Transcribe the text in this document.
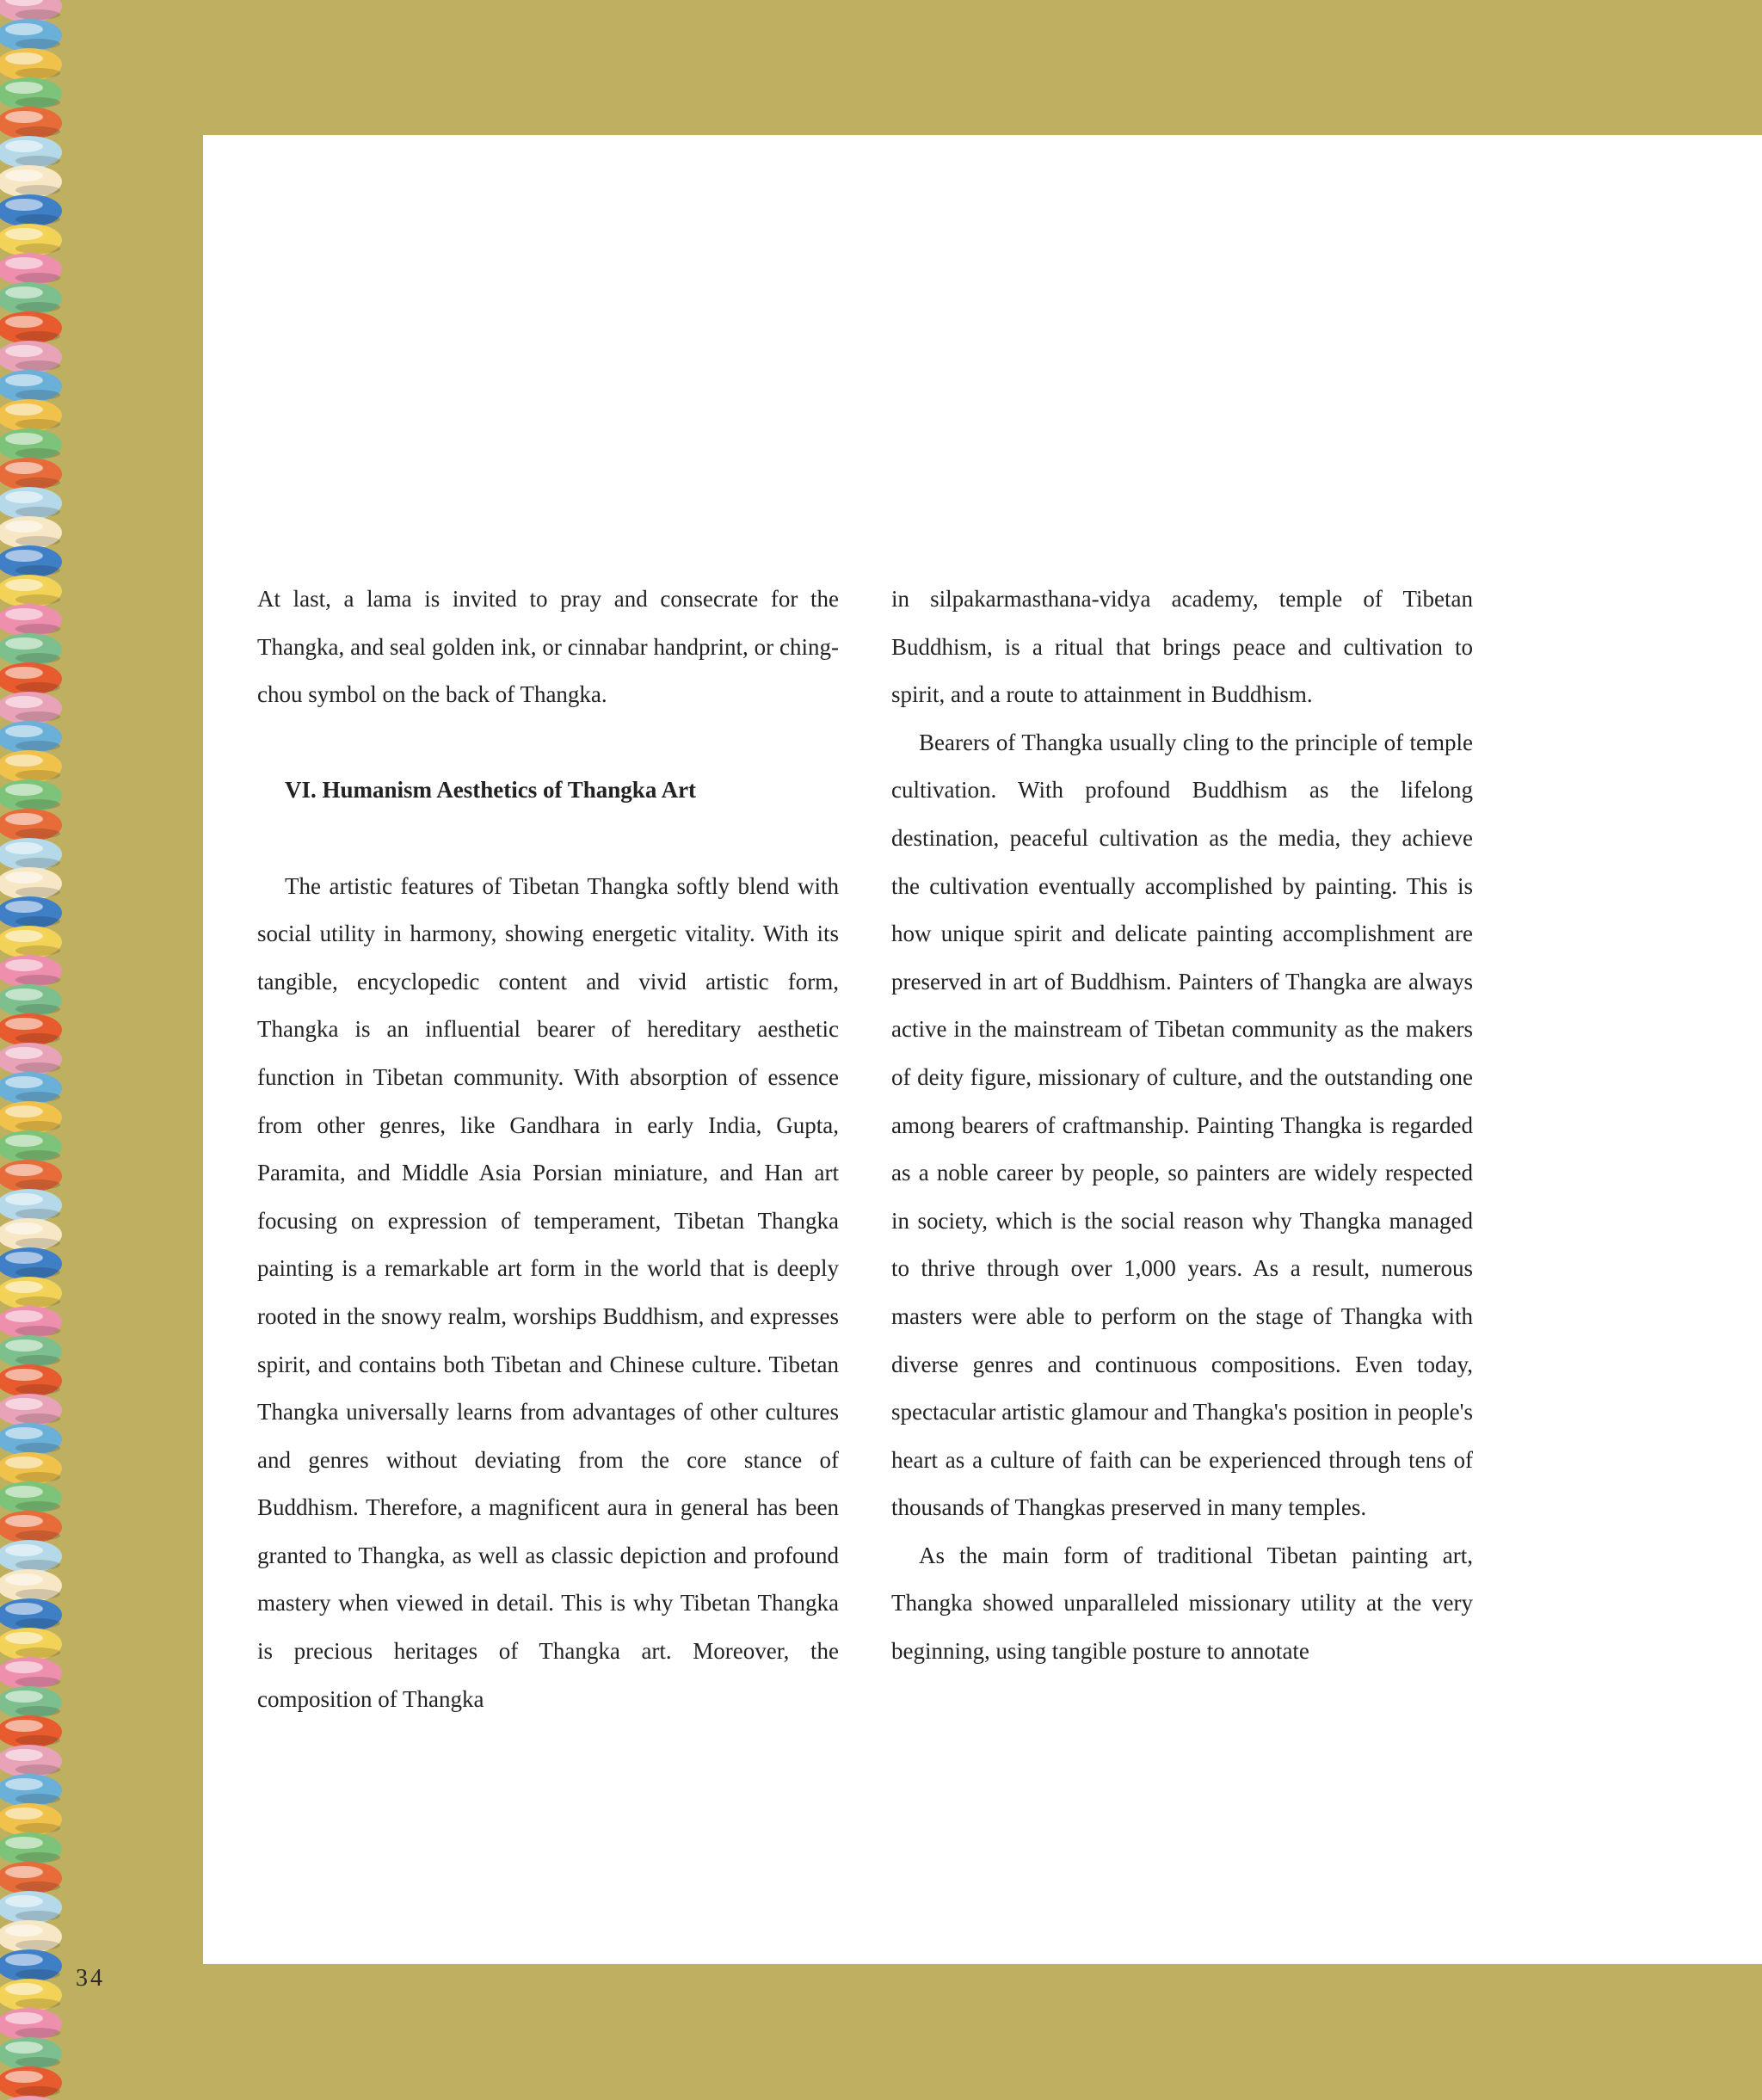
At last, a lama is invited to pray and consecrate for the Thangka, and seal golden ink, or cinnabar handprint, or ching-chou symbol on the back of Thangka.

VI. Humanism Aesthetics of Thangka Art

The artistic features of Tibetan Thangka softly blend with social utility in harmony, showing energetic vitality. With its tangible, encyclopedic content and vivid artistic form, Thangka is an influential bearer of hereditary aesthetic function in Tibetan community. With absorption of essence from other genres, like Gandhara in early India, Gupta, Paramita, and Middle Asia Porsian miniature, and Han art focusing on expression of temperament, Tibetan Thangka painting is a remarkable art form in the world that is deeply rooted in the snowy realm, worships Buddhism, and expresses spirit, and contains both Tibetan and Chinese culture. Tibetan Thangka universally learns from advantages of other cultures and genres without deviating from the core stance of Buddhism. Therefore, a magnificent aura in general has been granted to Thangka, as well as classic depiction and profound mastery when viewed in detail. This is why Tibetan Thangka is precious heritages of Thangka art. Moreover, the composition of Thangka

in silpakarmasthana-vidya academy, temple of Tibetan Buddhism, is a ritual that brings peace and cultivation to spirit, and a route to attainment in Buddhism.

Bearers of Thangka usually cling to the principle of temple cultivation. With profound Buddhism as the lifelong destination, peaceful cultivation as the media, they achieve the cultivation eventually accomplished by painting. This is how unique spirit and delicate painting accomplishment are preserved in art of Buddhism. Painters of Thangka are always active in the mainstream of Tibetan community as the makers of deity figure, missionary of culture, and the outstanding one among bearers of craftmanship. Painting Thangka is regarded as a noble career by people, so painters are widely respected in society, which is the social reason why Thangka managed to thrive through over 1,000 years. As a result, numerous masters were able to perform on the stage of Thangka with diverse genres and continuous compositions. Even today, spectacular artistic glamour and Thangka's position in people's heart as a culture of faith can be experienced through tens of thousands of Thangkas preserved in many temples.

As the main form of traditional Tibetan painting art, Thangka showed unparalleled missionary utility at the very beginning, using tangible posture to annotate

34
